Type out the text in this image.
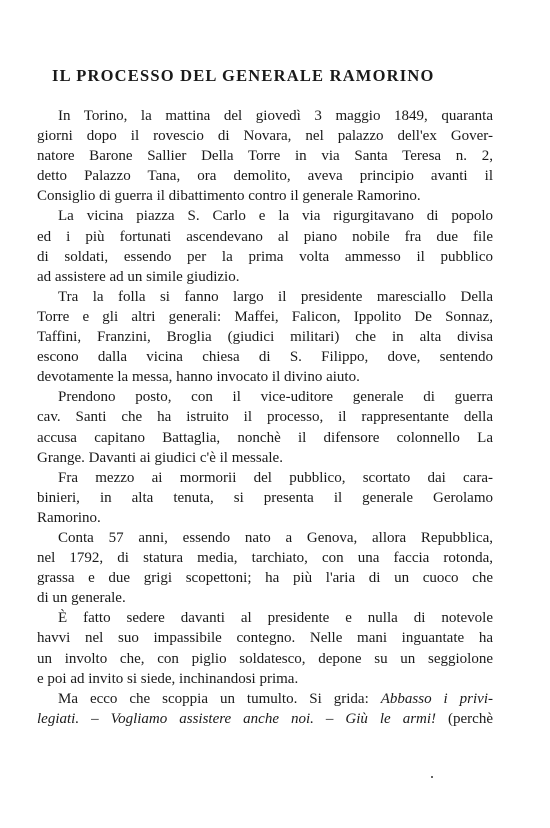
IL PROCESSO DEL GENERALE RAMORINO
In Torino, la mattina del giovedì 3 maggio 1849, quaranta
giorni dopo il rovescio di Novara, nel palazzo dell'ex Gover-
natore Barone Sallier Della Torre in via Santa Teresa n. 2,
detto Palazzo Tana, ora demolito, aveva principio avanti il
Consiglio di guerra il dibattimento contro il generale Ramorino.
La vicina piazza S. Carlo e la via rigurgitavano di popolo
ed i più fortunati ascendevano al piano nobile fra due file
di soldati, essendo per la prima volta ammesso il pubblico
ad assistere ad un simile giudizio.
Tra la folla si fanno largo il presidente maresciallo Della
Torre e gli altri generali: Maffei, Falicon, Ippolito De Sonnaz,
Taffini, Franzini, Broglia (giudici militari) che in alta divisa
escono dalla vicina chiesa di S. Filippo, dove, sentendo
devotamente la messa, hanno invocato il divino aiuto.
Prendono posto, con il vice-uditore generale di guerra
cav. Santi che ha istruito il processo, il rappresentante della
accusa capitano Battaglia, nonchè il difensore colonnello La
Grange. Davanti ai giudici c'è il messale.
Fra mezzo ai mormorii del pubblico, scortato dai cara-
binieri, in alta tenuta, si presenta il generale Gerolamo
Ramorino.
Conta 57 anni, essendo nato a Genova, allora Repubblica,
nel 1792, di statura media, tarchiato, con una faccia rotonda,
grassa e due grigi scopettoni; ha più l'aria di un cuoco che
di un generale.
È fatto sedere davanti al presidente e nulla di notevole
havvi nel suo impassibile contegno. Nelle mani inguantate ha
un involto che, con piglio soldatesco, depone su un seggiolone
e poi ad invito si siede, inchinandosi prima.
Ma ecco che scoppia un tumulto. Si grida: Abbasso i privi-
legiati. – Vogliamo assistere anche noi. – Giù le armi! (perchè
